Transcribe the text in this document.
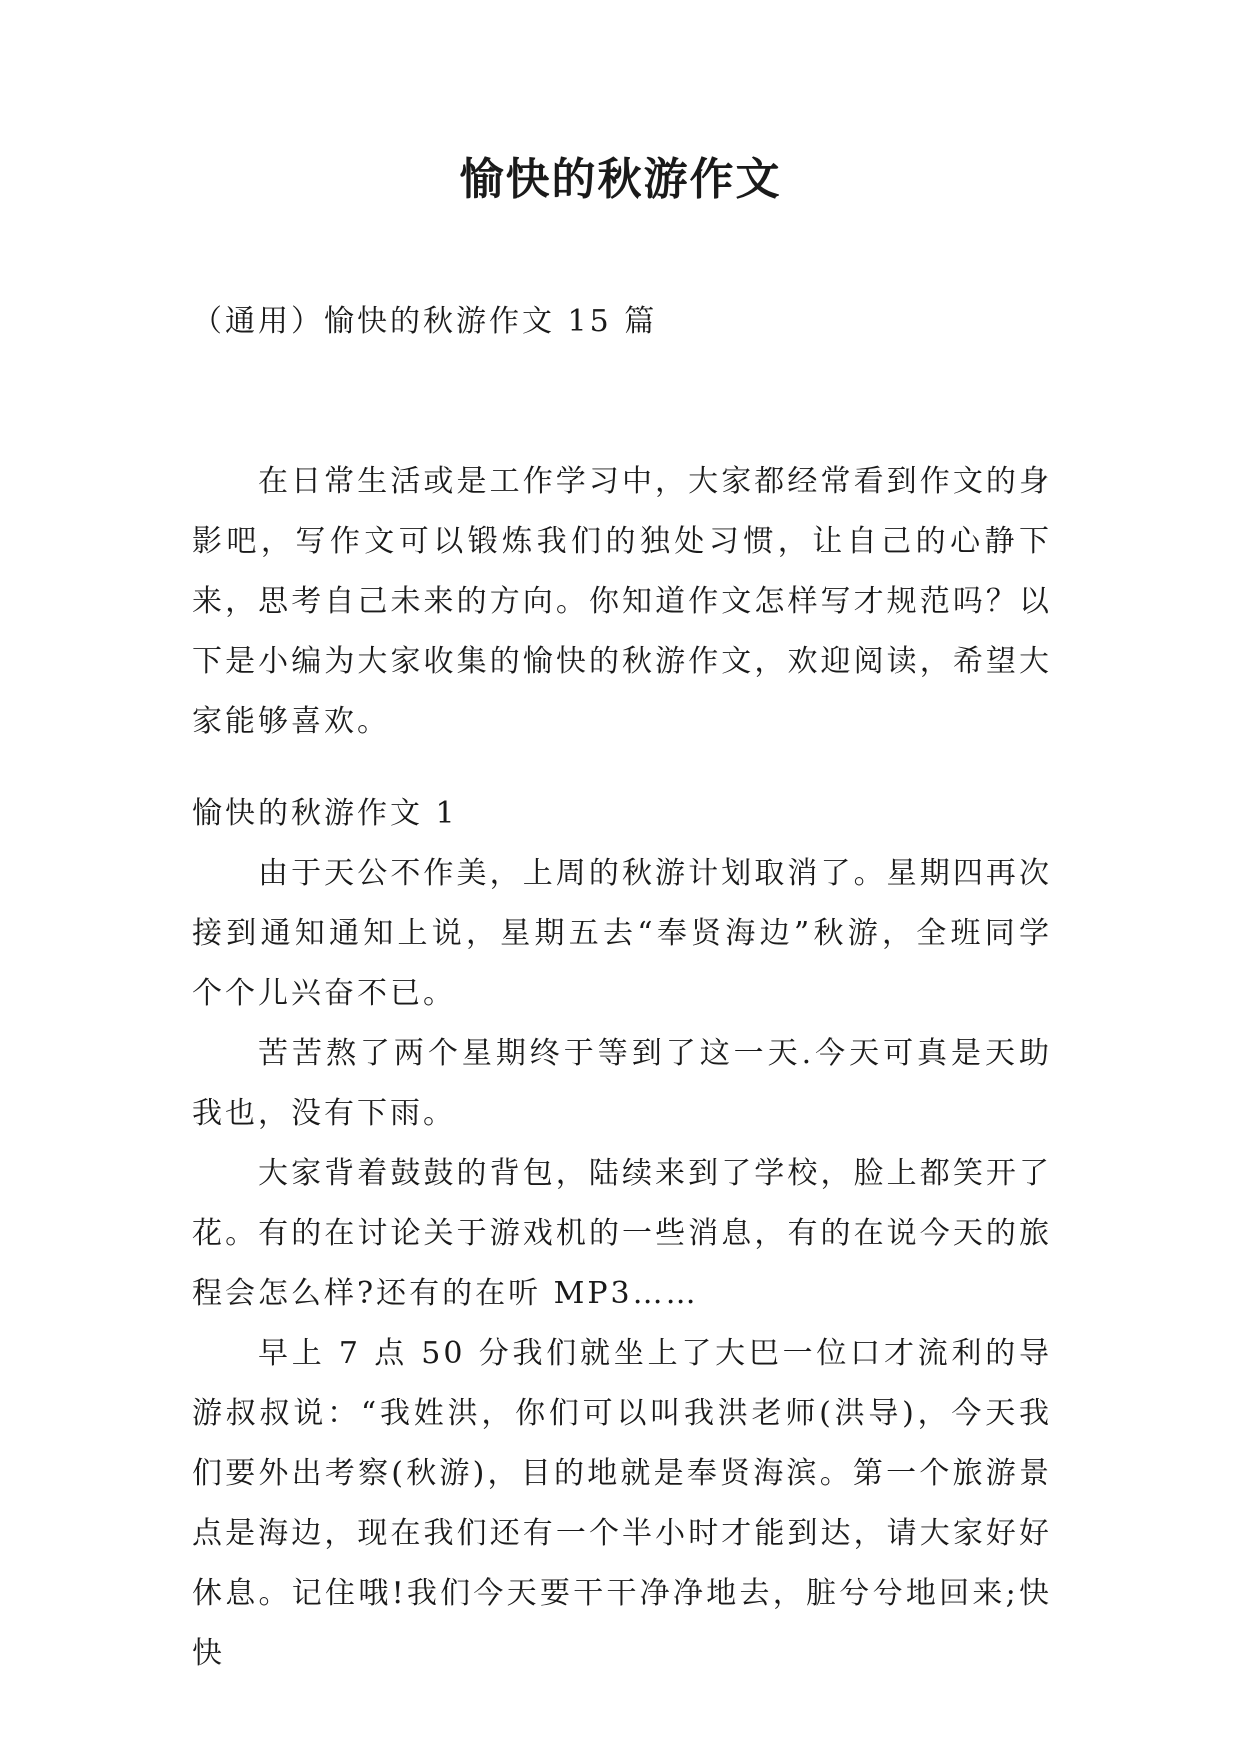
愉快的秋游作文

（通用）愉快的秋游作文 15 篇

在日常生活或是工作学习中，大家都经常看到作文的身影吧，写作文可以锻炼我们的独处习惯，让自己的心静下来，思考自己未来的方向。你知道作文怎样写才规范吗？以下是小编为大家收集的愉快的秋游作文，欢迎阅读，希望大家能够喜欢。

愉快的秋游作文 1

由于天公不作美，上周的秋游计划取消了。星期四再次接到通知通知上说，星期五去“奉贤海边”秋游，全班同学个个儿兴奋不已。

苦苦熬了两个星期终于等到了这一天.今天可真是天助我也，没有下雨。

大家背着鼓鼓的背包，陆续来到了学校，脸上都笑开了花。有的在讨论关于游戏机的一些消息，有的在说今天的旅程会怎么样?还有的在听 MP3……

早上 7 点 50 分我们就坐上了大巴一位口才流利的导游叔叔说：“我姓洪，你们可以叫我洪老师(洪导)，今天我们要外出考察(秋游)，目的地就是奉贤海滨。第一个旅游景点是海边，现在我们还有一个半小时才能到达，请大家好好休息。记住哦!我们今天要干干净净地去，脏兮兮地回来;快快
